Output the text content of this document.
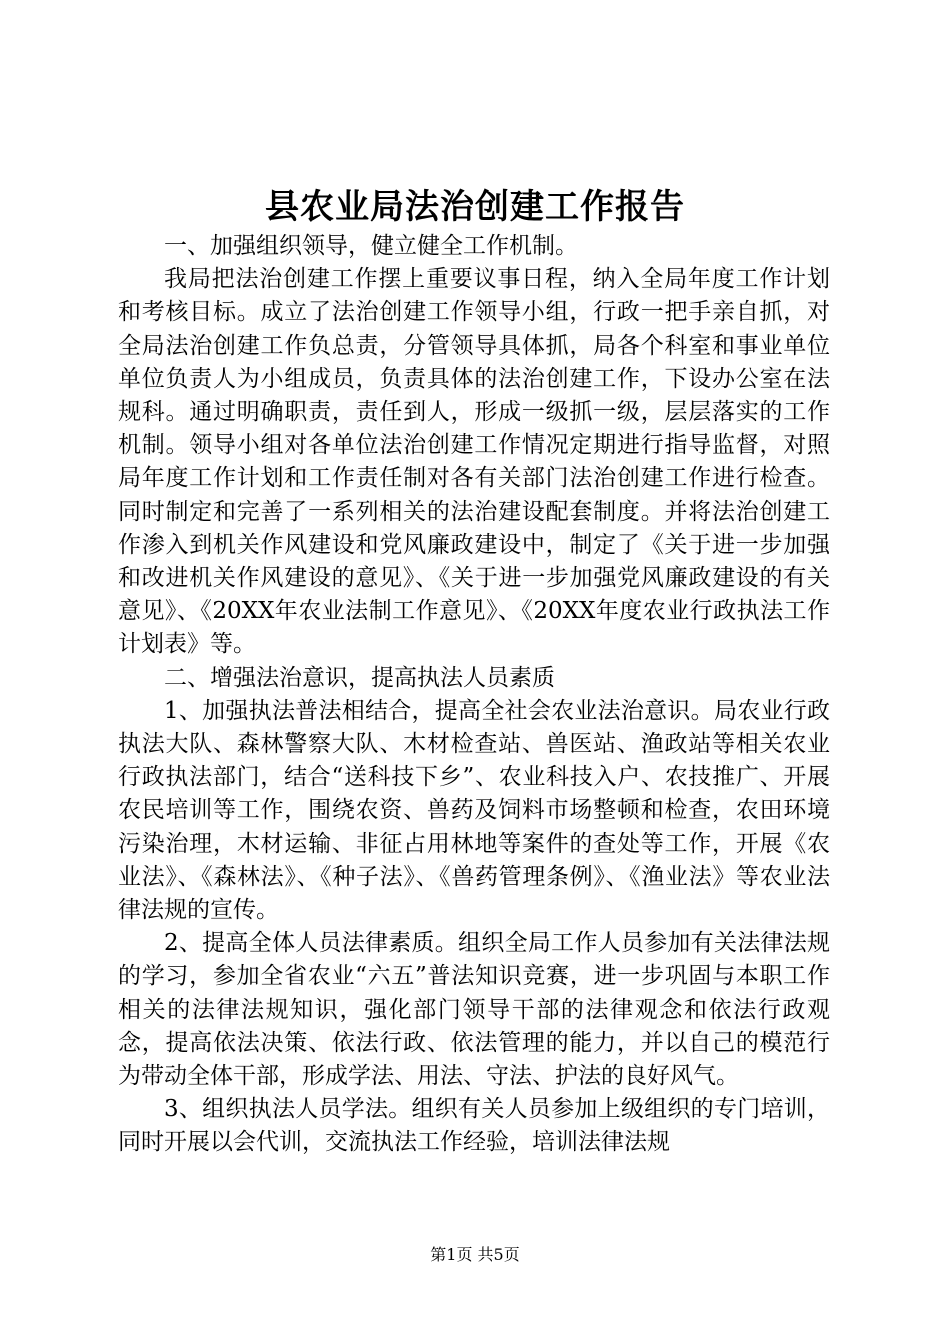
县农业局法治创建工作报告

一、加强组织领导，健立健全工作机制。

我局把法治创建工作摆上重要议事日程，纳入全局年度工作计划和考核目标。成立了法治创建工作领导小组，行政一把手亲自抓，对全局法治创建工作负总责，分管领导具体抓，局各个科室和事业单位单位负责人为小组成员，负责具体的法治创建工作，下设办公室在法规科。通过明确职责，责任到人，形成一级抓一级，层层落实的工作机制。领导小组对各单位法治创建工作情况定期进行指导监督，对照局年度工作计划和工作责任制对各有关部门法治创建工作进行检查。同时制定和完善了一系列相关的法治建设配套制度。并将法治创建工作渗入到机关作风建设和党风廉政建设中，制定了《关于进一步加强和改进机关作风建设的意见》、《关于进一步加强党风廉政建设的有关意见》、《20XX年农业法制工作意见》、《20XX年度农业行政执法工作计划表》等。

二、增强法治意识，提高执法人员素质

1、加强执法普法相结合，提高全社会农业法治意识。局农业行政执法大队、森林警察大队、木材检查站、兽医站、渔政站等相关农业行政执法部门，结合“送科技下乡”、农业科技入户、农技推广、开展农民培训等工作，围绕农资、兽药及饲料市场整顿和检查，农田环境污染治理，木材运输、非征占用林地等案件的查处等工作，开展《农业法》、《森林法》、《种子法》、《兽药管理条例》、《渔业法》等农业法律法规的宣传。

2、提高全体人员法律素质。组织全局工作人员参加有关法律法规的学习，参加全省农业“六五”普法知识竞赛，进一步巩固与本职工作相关的法律法规知识，强化部门领导干部的法律观念和依法行政观念，提高依法决策、依法行政、依法管理的能力，并以自己的模范行为带动全体干部，形成学法、用法、守法、护法的良好风气。

3、组织执法人员学法。组织有关人员参加上级组织的专门培训，同时开展以会代训，交流执法工作经验，培训法律法规

第1页 共5页
